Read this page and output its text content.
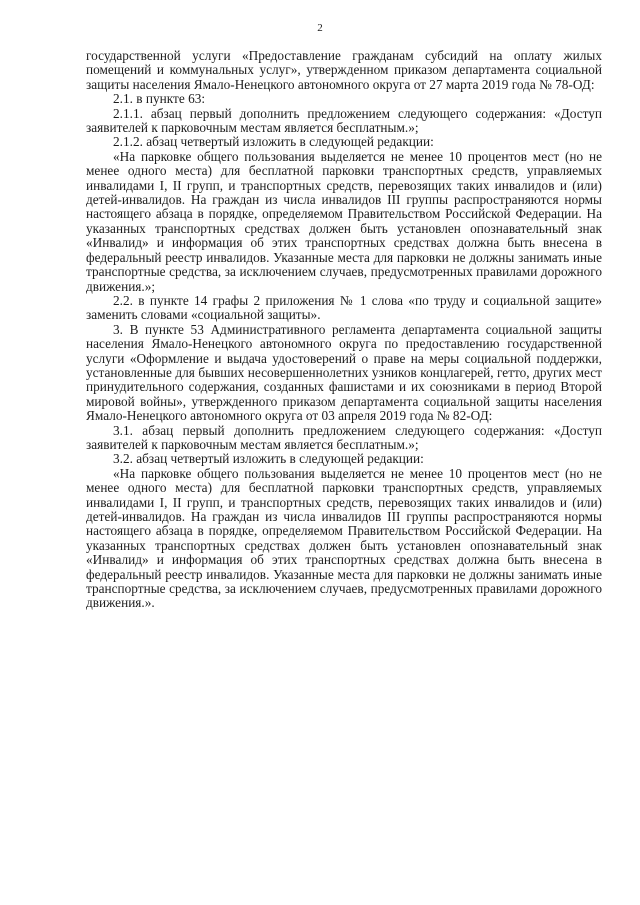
2

государственной услуги «Предоставление гражданам субсидий на оплату жилых помещений и коммунальных услуг», утвержденном приказом департамента социальной защиты населения Ямало-Ненецкого автономного округа от 27 марта 2019 года № 78-ОД:

2.1. в пункте 63:

2.1.1. абзац первый дополнить предложением следующего содержания: «Доступ заявителей к парковочным местам является бесплатным.»;

2.1.2. абзац четвертый изложить в следующей редакции:

«На парковке общего пользования выделяется не менее 10 процентов мест (но не менее одного места) для бесплатной парковки транспортных средств, управляемых инвалидами I, II групп, и транспортных средств, перевозящих таких инвалидов и (или) детей-инвалидов. На граждан из числа инвалидов III группы распространяются нормы настоящего абзаца в порядке, определяемом Правительством Российской Федерации. На указанных транспортных средствах должен быть установлен опознавательный знак «Инвалид» и информация об этих транспортных средствах должна быть внесена в федеральный реестр инвалидов. Указанные места для парковки не должны занимать иные транспортные средства, за исключением случаев, предусмотренных правилами дорожного движения.»;

2.2. в пункте 14 графы 2 приложения № 1 слова «по труду и социальной защите» заменить словами «социальной защиты».

3. В пункте 53 Административного регламента департамента социальной защиты населения Ямало-Ненецкого автономного округа по предоставлению государственной услуги «Оформление и выдача удостоверений о праве на меры социальной поддержки, установленные для бывших несовершеннолетних узников концлагерей, гетто, других мест принудительного содержания, созданных фашистами и их союзниками в период Второй мировой войны», утвержденного приказом департамента социальной защиты населения Ямало-Ненецкого автономного округа от 03 апреля 2019 года № 82-ОД:

3.1. абзац первый дополнить предложением следующего содержания: «Доступ заявителей к парковочным местам является бесплатным.»;

3.2. абзац четвертый изложить в следующей редакции:

«На парковке общего пользования выделяется не менее 10 процентов мест (но не менее одного места) для бесплатной парковки транспортных средств, управляемых инвалидами I, II групп, и транспортных средств, перевозящих таких инвалидов и (или) детей-инвалидов. На граждан из числа инвалидов III группы распространяются нормы настоящего абзаца в порядке, определяемом Правительством Российской Федерации. На указанных транспортных средствах должен быть установлен опознавательный знак «Инвалид» и информация об этих транспортных средствах должна быть внесена в федеральный реестр инвалидов. Указанные места для парковки не должны занимать иные транспортные средства, за исключением случаев, предусмотренных правилами дорожного движения.».
